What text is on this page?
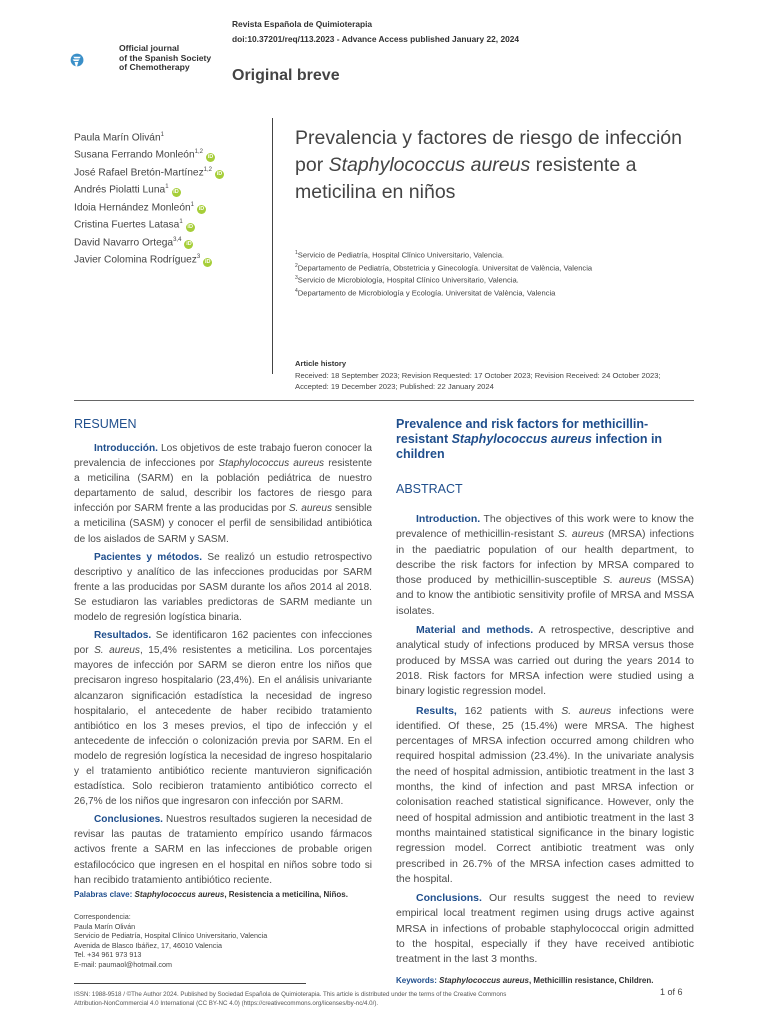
Official journal
of the Spanish Society
of Chemotherapy
Revista Española de Quimioterapia
doi:10.37201/req/113.2023 - Advance Access published January 22, 2024
Original breve
Paula Marín Oliván$^1$
Susana Ferrando Monleón$^{1,2}$iD
José Rafael Bretón-Martínez$^{1,2}$iD
Andrés Piolatti Luna$^1$iD
Idoia Hernández Monleón$^1$iD
Cristina Fuertes Latasa$^1$iD
David Navarro Ortega$^{3,4}$iD
Javier Colomina Rodríguez$^3$iD
Prevalencia y factores de riesgo de infección por Staphylococcus aureus resistente a meticilina en niños
$^1$Servicio de Pediatría, Hospital Clínico Universitario, Valencia.
$^2$Departamento de Pediatría, Obstetricia y Ginecología. Universitat de València, Valencia
$^3$Servicio de Microbiología, Hospital Clínico Universitario, Valencia.
$^4$Departamento de Microbiología y Ecología. Universitat de València, Valencia
Article history
Received: 18 September 2023; Revision Requested: 17 October 2023; Revision Received: 24 October 2023;
Accepted: 19 December 2023; Published: 22 January 2024
RESUMEN

Introducción. Los objetivos de este trabajo fueron conocer la prevalencia de infecciones por Staphylococcus aureus resistente a meticilina (SARM) en la población pediátrica de nuestro departamento de salud, describir los factores de riesgo para infección por SARM frente a las producidas por S. aureus sensible a meticilina (SASM) y conocer el perfil de sensibilidad antibiótica de los aislados de SARM y SASM.

Pacientes y métodos. Se realizó un estudio retrospectivo descriptivo y analítico de las infecciones producidas por SARM frente a las producidas por SASM durante los años 2014 al 2018. Se estudiaron las variables predictoras de SARM mediante un modelo de regresión logística binaria.

Resultados. Se identificaron 162 pacientes con infecciones por S. aureus, 15,4% resistentes a meticilina. Los porcentajes mayores de infección por SARM se dieron entre los niños que precisaron ingreso hospitalario (23,4%). En el análisis univariante alcanzaron significación estadística la necesidad de ingreso hospitalario, el antecedente de haber recibido tratamiento antibiótico en los 3 meses previos, el tipo de infección y el antecedente de infección o colonización previa por SARM. En el modelo de regresión logística la necesidad de ingreso hospitalario y el tratamiento antibiótico reciente mantuvieron significación estadística. Solo recibieron tratamiento antibiótico correcto el 26,7% de los niños que ingresaron con infección por SARM.

Conclusiones. Nuestros resultados sugieren la necesidad de revisar las pautas de tratamiento empírico usando fármacos activos frente a SARM en las infecciones de probable origen estafilocócico que ingresen en el hospital en niños sobre todo si han recibido tratamiento antibiótico reciente.

Palabras clave: Staphylococcus aureus, Resistencia a meticilina, Niños.

Prevalence and risk factors for methicillin-resistant Staphylococcus aureus infection in children
ABSTRACT

Introduction. The objectives of this work were to know the prevalence of methicillin-resistant S. aureus (MRSA) infections in the paediatric population of our health department, to describe the risk factors for infection by MRSA compared to those produced by methicillin-susceptible S. aureus (MSSA) and to know the antibiotic sensitivity profile of MRSA and MSSA isolates.

Material and methods. A retrospective, descriptive and analytical study of infections produced by MRSA versus those produced by MSSA was carried out during the years 2014 to 2018. Risk factors for MRSA infection were studied using a binary logistic regression model.

Results, 162 patients with S. aureus infections were identified. Of these, 25 (15.4%) were MRSA. The highest percentages of MRSA infection occurred among children who required hospital admission (23.4%). In the univariate analysis the need of hospital admission, antibiotic treatment in the last 3 months, the kind of infection and past MRSA infection or colonisation reached statistical significance. However, only the need of hospital admission and antibiotic treatment in the last 3 months maintained statistical significance in the binary logistic regression model. Correct antibiotic treatment was only prescribed in 26.7% of the MRSA infection cases admitted to the hospital.

Conclusions. Our results suggest the need to review empirical local treatment regimen using drugs active against MRSA in infections of probable staphylococcal origin admitted to the hospital, especially if they have received antibiotic treatment in the last 3 months.

Keywords: Staphylococcus aureus, Methicillin resistance, Children.

Correspondencia:
Paula Marín Oliván
Servicio de Pediatría, Hospital Clínico Universitario, Valencia
Avenida de Blasco Ibáñez, 17, 46010 Valencia
Tel. +34 961 973 913
E-mail: paumaol@hotmail.com
ISSN: 1988-9518 / ©The Author 2024. Published by Sociedad Española de Quimioterapia. This article is distributed under the terms of the Creative Commons
Attribution-NonCommercial 4.0 International (CC BY-NC 4.0) (https://creativecommons.org/licenses/by-nc/4.0/).
1 of 6
